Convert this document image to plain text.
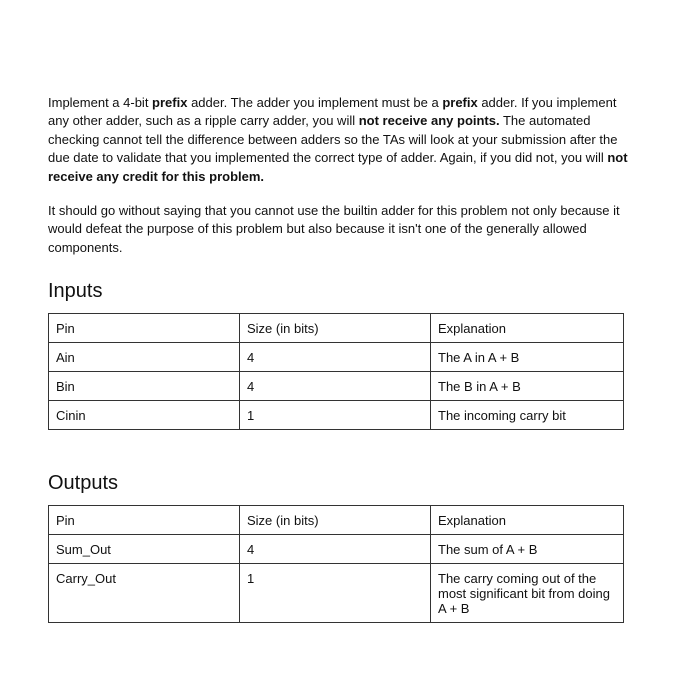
Implement a 4-bit prefix adder. The adder you implement must be a prefix adder. If you implement any other adder, such as a ripple carry adder, you will not receive any points. The automated checking cannot tell the difference between adders so the TAs will look at your submission after the due date to validate that you implemented the correct type of adder. Again, if you did not, you will not receive any credit for this problem.

It should go without saying that you cannot use the builtin adder for this problem not only because it would defeat the purpose of this problem but also because it isn't one of the generally allowed components.

Inputs
Pin	Size (in bits)	Explanation
Ain	4	The A in A + B
Bin	4	The B in A + B
Cinin	1	The incoming carry bit
Outputs
Pin	Size (in bits)	Explanation
Sum_Out	4	The sum of A + B
Carry_Out	1	The carry coming out of the most significant bit from doing A + B
